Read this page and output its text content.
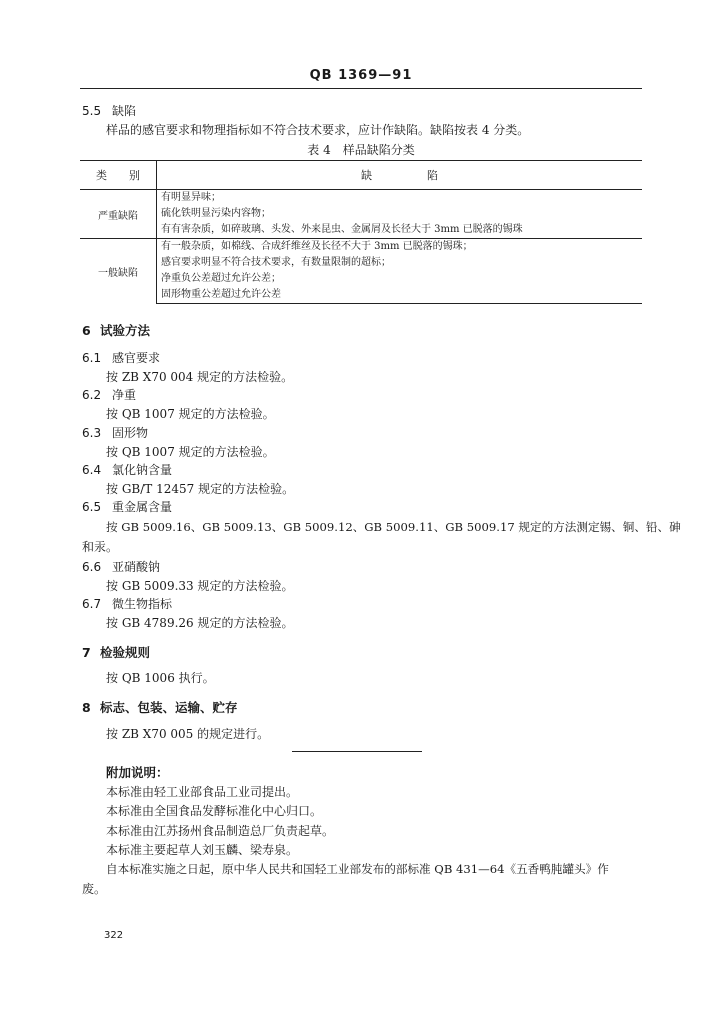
QB 1369—91
5.5 缺陷
样品的感官要求和物理指标如不符合技术要求，应计作缺陷。缺陷按表 4 分类。
表 4　样品缺陷分类
类　　别	缺　　　　　陷
严重缺陷	有明显异味；
	硫化铁明显污染内容物；
	有有害杂质，如碎玻璃、头发、外来昆虫、金属屑及长径大于 3mm 已脱落的锡珠
一般缺陷	有一般杂质，如棉线、合成纤维丝及长径不大于 3mm 已脱落的锡珠；
	感官要求明显不符合技术要求，有数量限制的超标；
	净重负公差超过允许公差；
	固形物重公差超过允许公差
6 试验方法
6.1 感官要求
按 ZB X70 004 规定的方法检验。
6.2 净重
按 QB 1007 规定的方法检验。
6.3 固形物
按 QB 1007 规定的方法检验。
6.4 氯化钠含量
按 GB/T 12457 规定的方法检验。
6.5 重金属含量
按 GB 5009.16、GB 5009.13、GB 5009.12、GB 5009.11、GB 5009.17 规定的方法测定锡、铜、铅、砷
和汞。
6.6 亚硝酸钠
按 GB 5009.33 规定的方法检验。
6.7 微生物指标
按 GB 4789.26 规定的方法检验。
7 检验规则
按 QB 1006 执行。
8 标志、包装、运输、贮存
按 ZB X70 005 的规定进行。
附加说明：
本标准由轻工业部食品工业司提出。
本标准由全国食品发酵标准化中心归口。
本标准由江苏扬州食品制造总厂负责起草。
本标准主要起草人刘玉麟、梁寿泉。
自本标准实施之日起，原中华人民共和国轻工业部发布的部标准 QB 431—64《五香鸭肫罐头》作
废。
322
